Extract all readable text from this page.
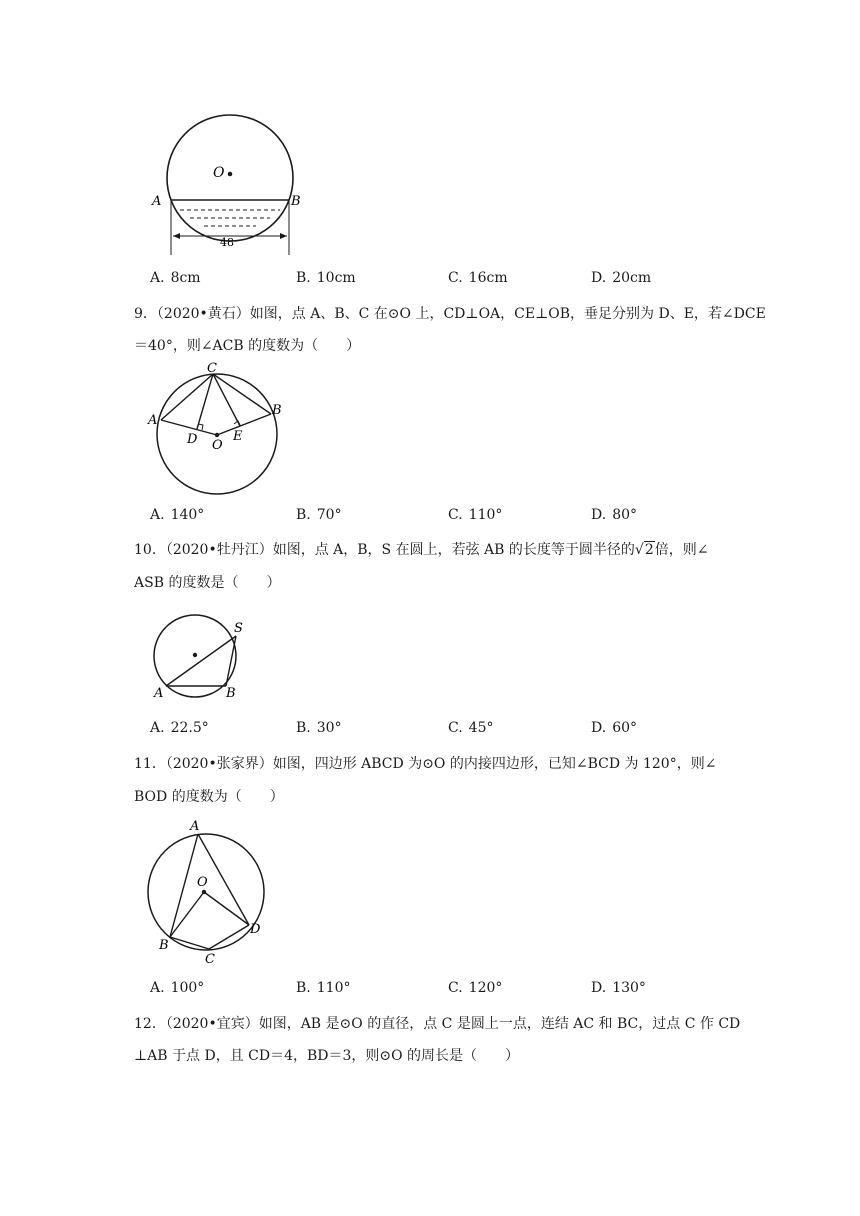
O
A	B
48
A. 8cm	B. 10cm	C. 16cm	D. 20cm
9．（2020•黄石）如图，点 A、B、C 在⊙O 上，CD⊥OA，CE⊥OB，垂足分别为 D、E，若∠DCE
＝40°，则∠ACB 的度数为（　　）
C
A
B
D	E
O
A. 140°	B. 70°	C. 110°	D. 80°
10．（2020•牡丹江）如图，点 A，B，S 在圆上，若弦 AB 的长度等于圆半径的√2倍，则∠
ASB 的度数是（　　）
S
A	B
A. 22.5°	B. 30°	C. 45°	D. 60°
11．（2020•张家界）如图，四边形 ABCD 为⊙O 的内接四边形，已知∠BCD 为 120°，则∠
BOD 的度数为（　　）
A
O
B
C
D
A. 100°	B. 110°	C. 120°	D. 130°
12．（2020•宜宾）如图，AB 是⊙O 的直径，点 C 是圆上一点，连结 AC 和 BC，过点 C 作 CD
⊥AB 于点 D，且 CD＝4，BD＝3，则⊙O 的周长是（　　）
